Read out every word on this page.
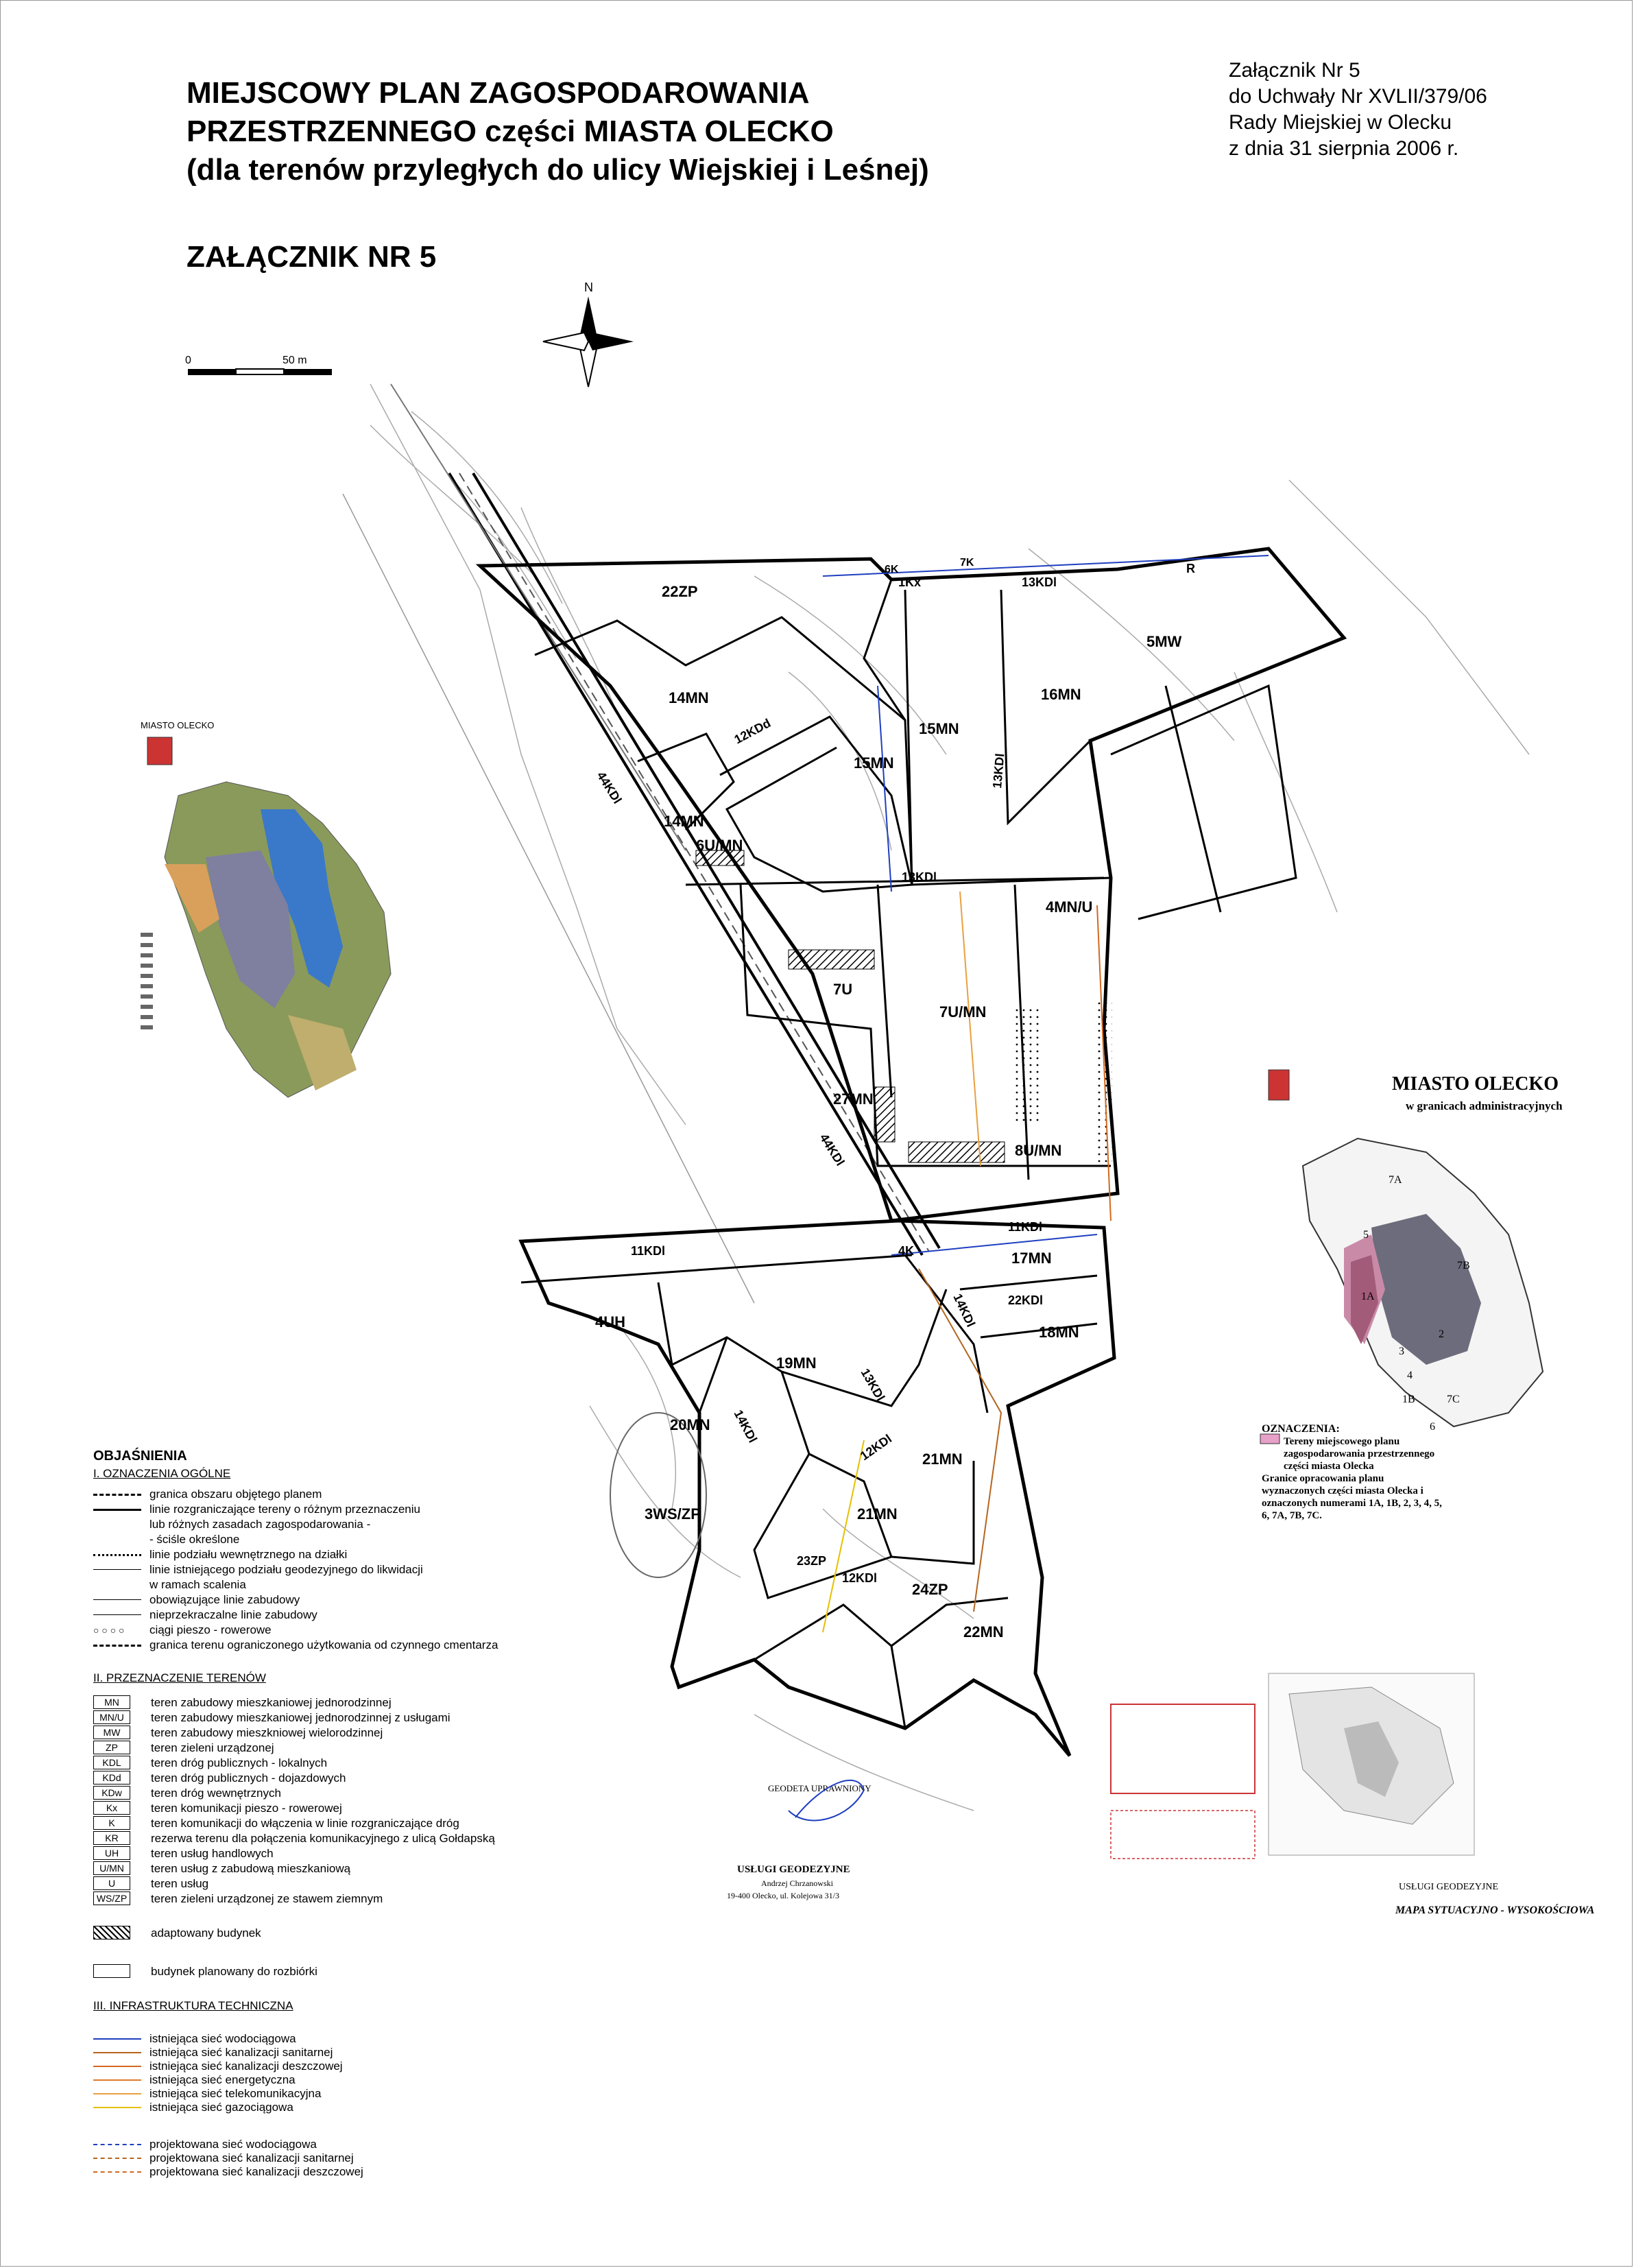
MIEJSCOWY PLAN ZAGOSPODAROWANIA
PRZESTRZENNEGO części MIASTA OLECKO
(dla terenów przyległych do ulicy Wiejskiej i Leśnej)
ZAŁĄCZNIK NR 5
Załącznik Nr 5
do Uchwały Nr XVLII/379/06
Rady Miejskiej w Olecku
z dnia 31 sierpnia 2006 r.
N
0	50 m
22ZP
14MN
12KDd	15MN
15MN	13KDl
16MN
5MW
14MN
6U/MN
13KDl
4MN/U
44KDl
7U
7U/MN
27MN
8U/MN
44KDl
11KDl	4K	17MN
11KDl
4UH	14KDl 22KDl
18MN
19MN
13KDl
20MN 14KDl
12KDl 21MN
3WS/ZP	21MN
23ZP
12KDl
24ZP
22MN
1Kx	13KDl
R
7K
6K
MIASTO OLECKO
7A
5
7B
1A
2
3
4
1B
6
7C
MAPA SYTUACYJNO - WYSOKOŚCIOWA
USŁUGI GEODEZYJNE
GEODETA UPRAWNIONY
USŁUGI GEODEZYJNE
Andrzej Chrzanowski
19-400 Olecko, ul. Kolejowa 31/3
MIASTO OLECKO
w granicach administracyjnych
OZNACZENIA:
Tereny miejscowego planu zagospodarowania przestrzennego części miasta Olecka
Granice opracowania planu wyznaczonych części miasta Olecka i oznaczonych numerami 1A, 1B, 2, 3, 4, 5, 6, 7A, 7B, 7C.
OBJAŚNIENIA
I. OZNACZENIA OGÓLNE
granica obszaru objętego planem
linie rozgraniczające tereny o różnym przeznaczeniu
lub różnych zasadach zagospodarowania -
- ściśle określone
linie podziału wewnętrznego na działki
linie istniejącego podziału geodezyjnego do likwidacji
w ramach scalenia
obowiązujące linie zabudowy
nieprzekraczalne linie zabudowy
○ ○ ○ ○
ciągi pieszo - rowerowe
granica terenu ograniczonego użytkowania od czynnego cmentarza
II. PRZEZNACZENIE TERENÓW
MN	teren zabudowy mieszkaniowej jednorodzinnej
MN/U	teren zabudowy mieszkaniowej jednorodzinnej z usługami
MW	teren zabudowy mieszkniowej wielorodzinnej
ZP	teren zieleni urządzonej
KDL	teren dróg publicznych - lokalnych
KDd	teren dróg publicznych - dojazdowych
KDw	teren dróg wewnętrznych
Kx	teren komunikacji pieszo - rowerowej
K	teren komunikacji do włączenia w linie rozgraniczające dróg
KR	rezerwa terenu dla połączenia komunikacyjnego z ulicą Gołdapską
UH	teren usług handlowych
U/MN	teren usług z zabudową mieszkaniową
U	teren usług
WS/ZP teren zieleni urządzonej ze stawem ziemnym
adaptowany budynek
budynek planowany do rozbiórki
III. INFRASTRUKTURA TECHNICZNA
istniejąca sieć wodociągowa
istniejąca sieć kanalizacji sanitarnej
istniejąca sieć kanalizacji deszczowej
istniejąca sieć energetyczna
istniejąca sieć telekomunikacyjna
istniejąca sieć gazociągowa
projektowana sieć wodociągowa
projektowana sieć kanalizacji sanitarnej
projektowana sieć kanalizacji deszczowej
